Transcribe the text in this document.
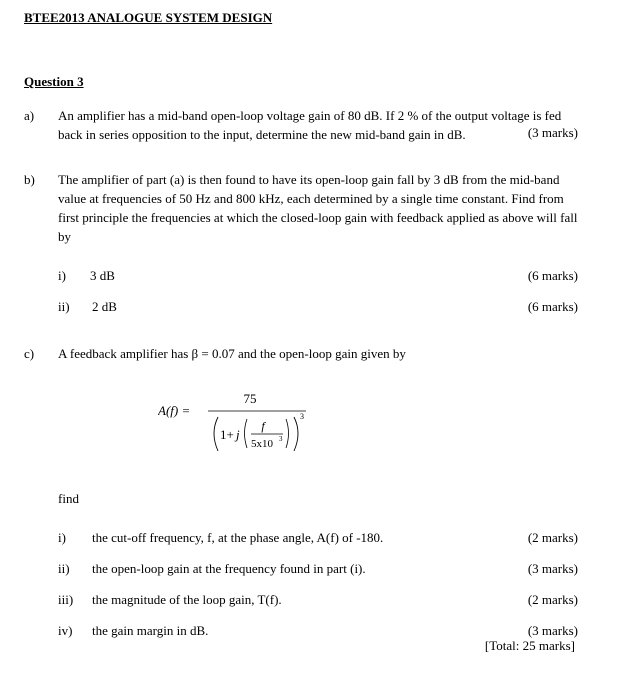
BTEE2013 ANALOGUE SYSTEM DESIGN
Question 3
a) An amplifier has a mid-band open-loop voltage gain of 80 dB. If 2 % of the output voltage is fed back in series opposition to the input, determine the new mid-band gain in dB.	(3 marks)
b) The amplifier of part (a) is then found to have its open-loop gain fall by 3 dB from the mid-band value at frequencies of 50 Hz and 800 kHz, each determined by a single time constant. Find from first principle the frequencies at which the closed-loop gain with feedback applied as above will fall by
i) 3 dB	(6 marks)
ii) 2 dB	(6 marks)
c) A feedback amplifier has β = 0.07 and the open-loop gain given by
A(f) =
75
1+ j
f
5x10 3
3
find
i) the cut-off frequency, f, at the phase angle, A(f) of -180.	(2 marks)
ii) the open-loop gain at the frequency found in part (i).	(3 marks)
iii) the magnitude of the loop gain, T(f).	(2 marks)
iv) the gain margin in dB.	(3 marks)
[Total: 25 marks]
